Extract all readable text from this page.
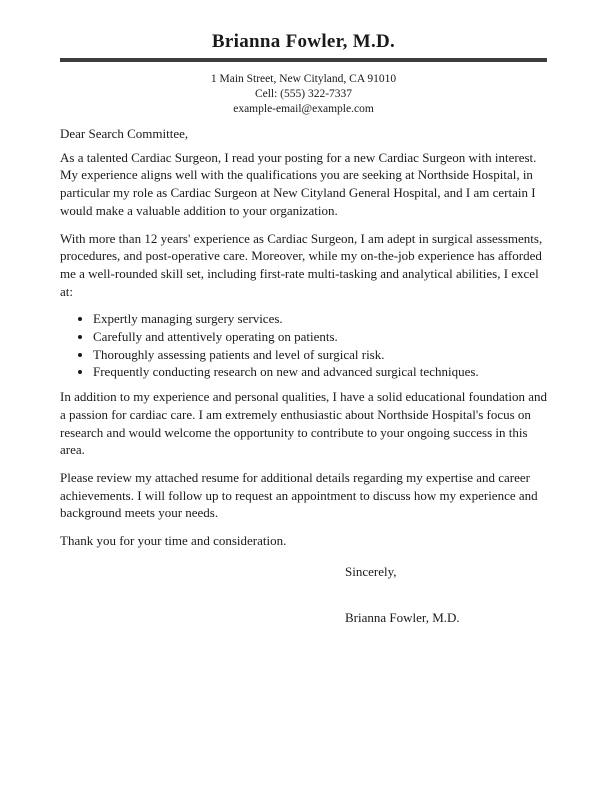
Brianna Fowler, M.D.
1 Main Street, New Cityland, CA 91010
Cell: (555) 322-7337
example-email@example.com

Dear Search Committee,

As a talented Cardiac Surgeon, I read your posting for a new Cardiac Surgeon with interest. My experience aligns well with the qualifications you are seeking at Northside Hospital, in particular my role as Cardiac Surgeon at New Cityland General Hospital, and I am certain I would make a valuable addition to your organization.

With more than 12 years' experience as Cardiac Surgeon, I am adept in surgical assessments, procedures, and post-operative care. Moreover, while my on-the-job experience has afforded me a well-rounded skill set, including first-rate multi-tasking and analytical abilities, I excel at:

• Expertly managing surgery services.
• Carefully and attentively operating on patients.
• Thoroughly assessing patients and level of surgical risk.
• Frequently conducting research on new and advanced surgical techniques.

In addition to my experience and personal qualities, I have a solid educational foundation and a passion for cardiac care. I am extremely enthusiastic about Northside Hospital's focus on research and would welcome the opportunity to contribute to your ongoing success in this area.

Please review my attached resume for additional details regarding my expertise and career achievements. I will follow up to request an appointment to discuss how my experience and background meets your needs.

Thank you for your time and consideration.

Sincerely,

Brianna Fowler, M.D.
